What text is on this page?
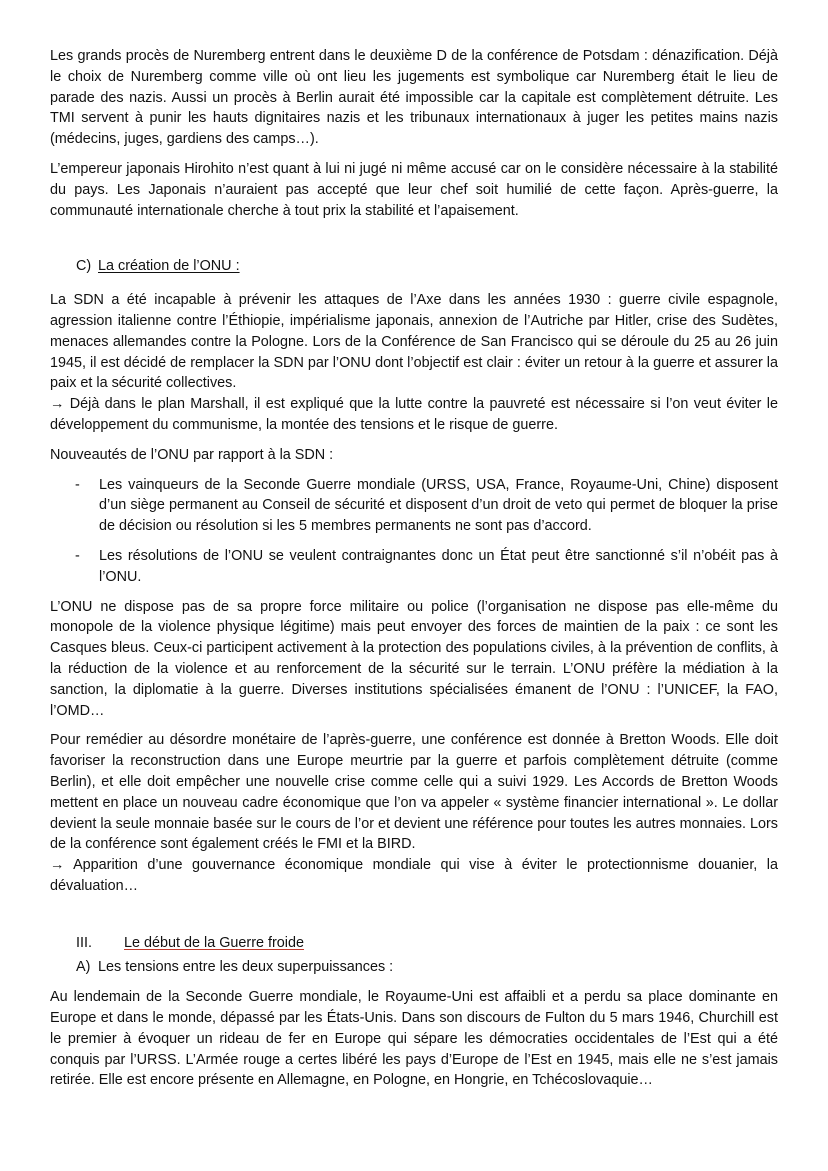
Les grands procès de Nuremberg entrent dans le deuxième D de la conférence de Potsdam : dénazification. Déjà le choix de Nuremberg comme ville où ont lieu les jugements est symbolique car Nuremberg était le lieu de parade des nazis. Aussi un procès à Berlin aurait été impossible car la capitale est complètement détruite. Les TMI servent à punir les hauts dignitaires nazis et les tribunaux internationaux à juger les petites mains nazis (médecins, juges, gardiens des camps…).

L’empereur japonais Hirohito n’est quant à lui ni jugé ni même accusé car on le considère nécessaire à la stabilité du pays. Les Japonais n’auraient pas accepté que leur chef soit humilié de cette façon. Après-guerre, la communauté internationale cherche à tout prix la stabilité et l’apaisement.

C) La création de l’ONU :

La SDN a été incapable à prévenir les attaques de l’Axe dans les années 1930 : guerre civile espagnole, agression italienne contre l’Éthiopie, impérialisme japonais, annexion de l’Autriche par Hitler, crise des Sudètes, menaces allemandes contre la Pologne. Lors de la Conférence de San Francisco qui se déroule du 25 au 26 juin 1945, il est décidé de remplacer la SDN par l’ONU dont l’objectif est clair : éviter un retour à la guerre et assurer la paix et la sécurité collectives.

→ Déjà dans le plan Marshall, il est expliqué que la lutte contre la pauvreté est nécessaire si l’on veut éviter le développement du communisme, la montée des tensions et le risque de guerre.

Nouveautés de l’ONU par rapport à la SDN :

- Les vainqueurs de la Seconde Guerre mondiale (URSS, USA, France, Royaume-Uni, Chine) disposent d’un siège permanent au Conseil de sécurité et disposent d’un droit de veto qui permet de bloquer la prise de décision ou résolution si les 5 membres permanents ne sont pas d’accord.
- Les résolutions de l’ONU se veulent contraignantes donc un État peut être sanctionné s’il n’obéit pas à l’ONU.

L’ONU ne dispose pas de sa propre force militaire ou police (l’organisation ne dispose pas elle-même du monopole de la violence physique légitime) mais peut envoyer des forces de maintien de la paix : ce sont les Casques bleus. Ceux-ci participent activement à la protection des populations civiles, à la prévention de conflits, à la réduction de la violence et au renforcement de la sécurité sur le terrain. L’ONU préfère la médiation à la sanction, la diplomatie à la guerre. Diverses institutions spécialisées émanent de l’ONU : l’UNICEF, la FAO, l’OMD…

Pour remédier au désordre monétaire de l’après-guerre, une conférence est donnée à Bretton Woods. Elle doit favoriser la reconstruction dans une Europe meurtrie par la guerre et parfois complètement détruite (comme Berlin), et elle doit empêcher une nouvelle crise comme celle qui a suivi 1929. Les Accords de Bretton Woods mettent en place un nouveau cadre économique que l’on va appeler « système financier international ». Le dollar devient la seule monnaie basée sur le cours de l’or et devient une référence pour toutes les autres monnaies. Lors de la conférence sont également créés le FMI et la BIRD.

→ Apparition d’une gouvernance économique mondiale qui vise à éviter le protectionnisme douanier, la dévaluation…

III.	Le début de la Guerre froide
A) Les tensions entre les deux superpuissances :

Au lendemain de la Seconde Guerre mondiale, le Royaume-Uni est affaibli et a perdu sa place dominante en Europe et dans le monde, dépassé par les États-Unis. Dans son discours de Fulton du 5 mars 1946, Churchill est le premier à évoquer un rideau de fer en Europe qui sépare les démocraties occidentales de l’Est qui a été conquis par l’URSS. L’Armée rouge a certes libéré les pays d’Europe de l’Est en 1945, mais elle ne s’est jamais retirée. Elle est encore présente en Allemagne, en Pologne, en Hongrie, en Tchécoslovaquie…
